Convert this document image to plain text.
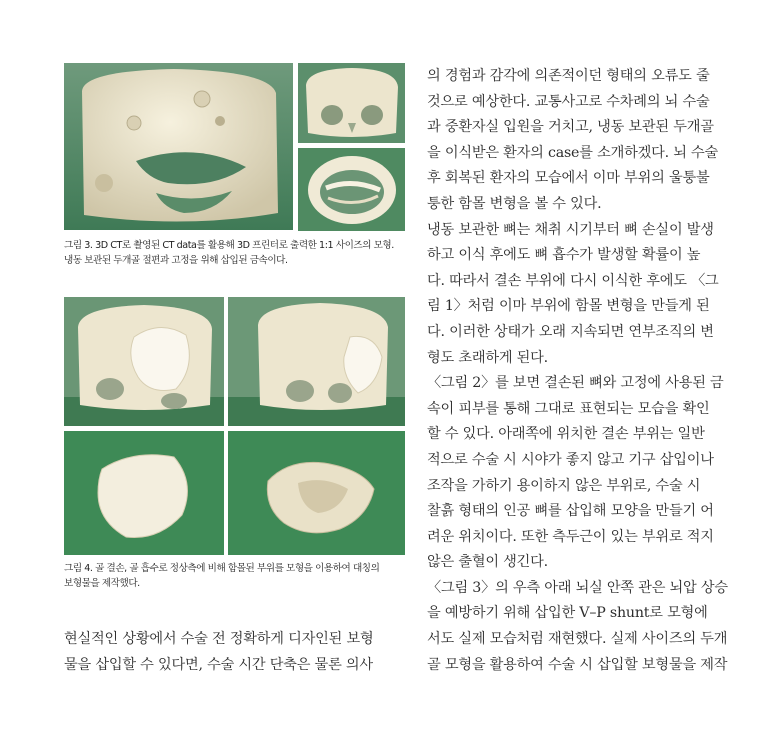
그림 3. 3D CT로 촬영된 CT data를 활용해 3D 프린터로 출력한 1:1 사이즈의 모형.
냉동 보관된 두개골 절편과 고정을 위해 삽입된 금속이다.
그림 4. 골 결손, 골 흡수로 정상측에 비해 함몰된 부위를 모형을 이용하여 대칭의
보형물을 제작했다.
의 경험과 감각에 의존적이던 형태의 오류도 줄
것으로 예상한다. 교통사고로 수차례의 뇌 수술
과 중환자실 입원을 거치고, 냉동 보관된 두개골
을 이식받은 환자의 case를 소개하겠다. 뇌 수술
후 회복된 환자의 모습에서 이마 부위의 울퉁불
퉁한 함몰 변형을 볼 수 있다.
냉동 보관한 뼈는 채취 시기부터 뼈 손실이 발생
하고 이식 후에도 뼈 흡수가 발생할 확률이 높
다. 따라서 결손 부위에 다시 이식한 후에도 〈그
림 1〉처럼 이마 부위에 함몰 변형을 만들게 된
다. 이러한 상태가 오래 지속되면 연부조직의 변
형도 초래하게 된다.
〈그림 2〉를 보면 결손된 뼈와 고정에 사용된 금
속이 피부를 통해 그대로 표현되는 모습을 확인
할 수 있다. 아래쪽에 위치한 결손 부위는 일반
적으로 수술 시 시야가 좋지 않고 기구 삽입이나
조작을 가하기 용이하지 않은 부위로, 수술 시
찰흙 형태의 인공 뼈를 삽입해 모양을 만들기 어
려운 위치이다. 또한 측두근이 있는 부위로 적지
않은 출혈이 생긴다.
〈그림 3〉의 우측 아래 뇌실 안쪽 관은 뇌압 상승
을 예방하기 위해 삽입한 V–P shunt로 모형에
서도 실제 모습처럼 재현했다. 실제 사이즈의 두개
골 모형을 활용하여 수술 시 삽입할 보형물을 제작
현실적인 상황에서 수술 전 정확하게 디자인된 보형
물을 삽입할 수 있다면, 수술 시간 단축은 물론 의사
